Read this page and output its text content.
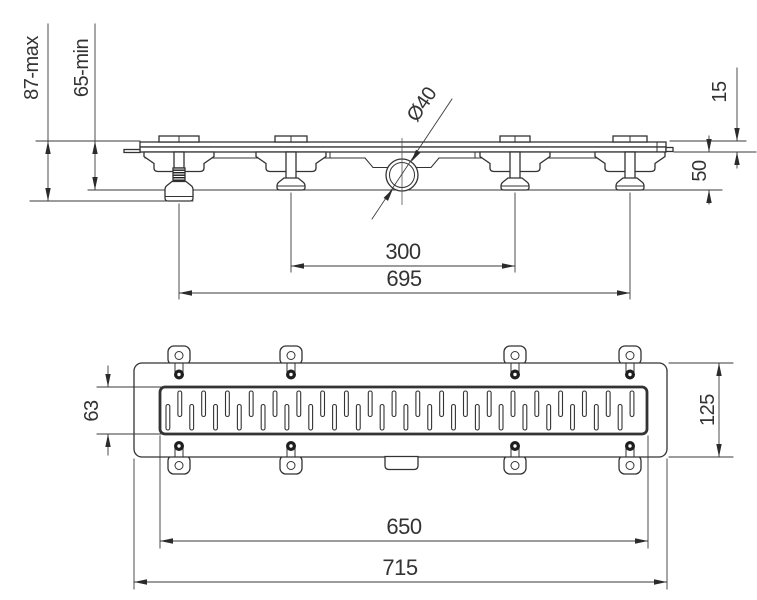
Ø40
87-max 65-min	15
50
300
695
63	125
650
715
